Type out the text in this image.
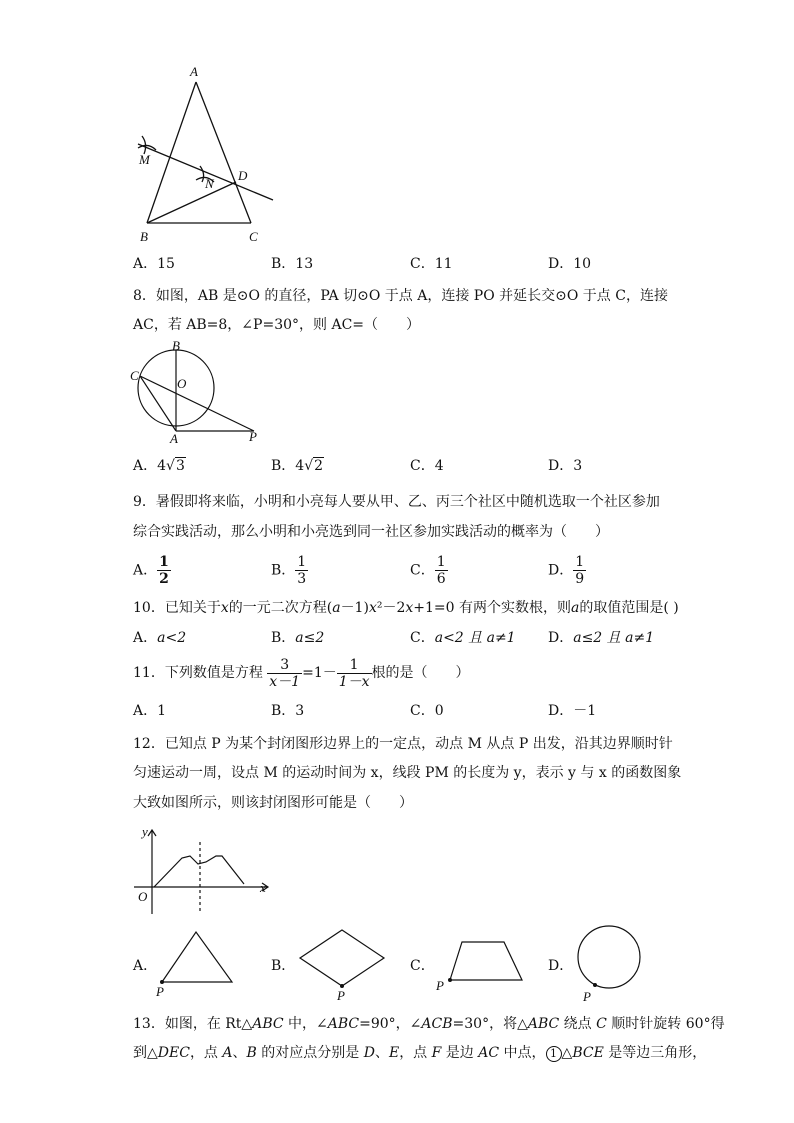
A
M
N
D
B	C
A．15	B．13	C．11	D．10
8．如图，AB 是⊙O 的直径，PA 切⊙O 于点 A，连接 PO 并延长交⊙O 于点 C，连接
AC，若 AB=8，∠P=30°，则 AC=（　　）
B
O
C
A	P
A．4√3	B．4√2	C．4	D．3
9．暑假即将来临，小明和小亮每人要从甲、乙、丙三个社区中随机选取一个社区参加
综合实践活动，那么小明和小亮选到同一社区参加实践活动的概率为（　　）
A． $\frac{1}{2}$	B． $\frac{1}{3}$	C． $\frac{1}{6}$	D． $\frac{1}{9}$
10．已知关于x的一元二次方程(a－1)x²－2x+1=0 有两个实数根，则a的取值范围是( )
A．a<2	B．a≤2	C．a<2 且 a≠1 D．a≤2 且 a≠1
11．下列数值是方程 $\frac{3}{x-1} =1- \frac{1}{1-x}$ 根的是（　　）
A．1	B．3	C．0	D．－1
12．已知点 P 为某个封闭图形边界上的一定点，动点 M 从点 P 出发，沿其边界顺时针
匀速运动一周，设点 M 的运动时间为 x，线段 PM 的长度为 y，表示 y 与 x 的函数图象
大致如图所示，则该封闭图形可能是（　　）
y
x
O
A．
P
B．
P
C．
P
D．
P
13．如图，在 Rt△ABC 中，∠ABC=90°，∠ACB=30°，将△ABC 绕点 C 顺时针旋转 60°得
到△DEC，点 A、B 的对应点分别是 D、E，点 F 是边 AC 中点， 1 △BCE 是等边三角形，
